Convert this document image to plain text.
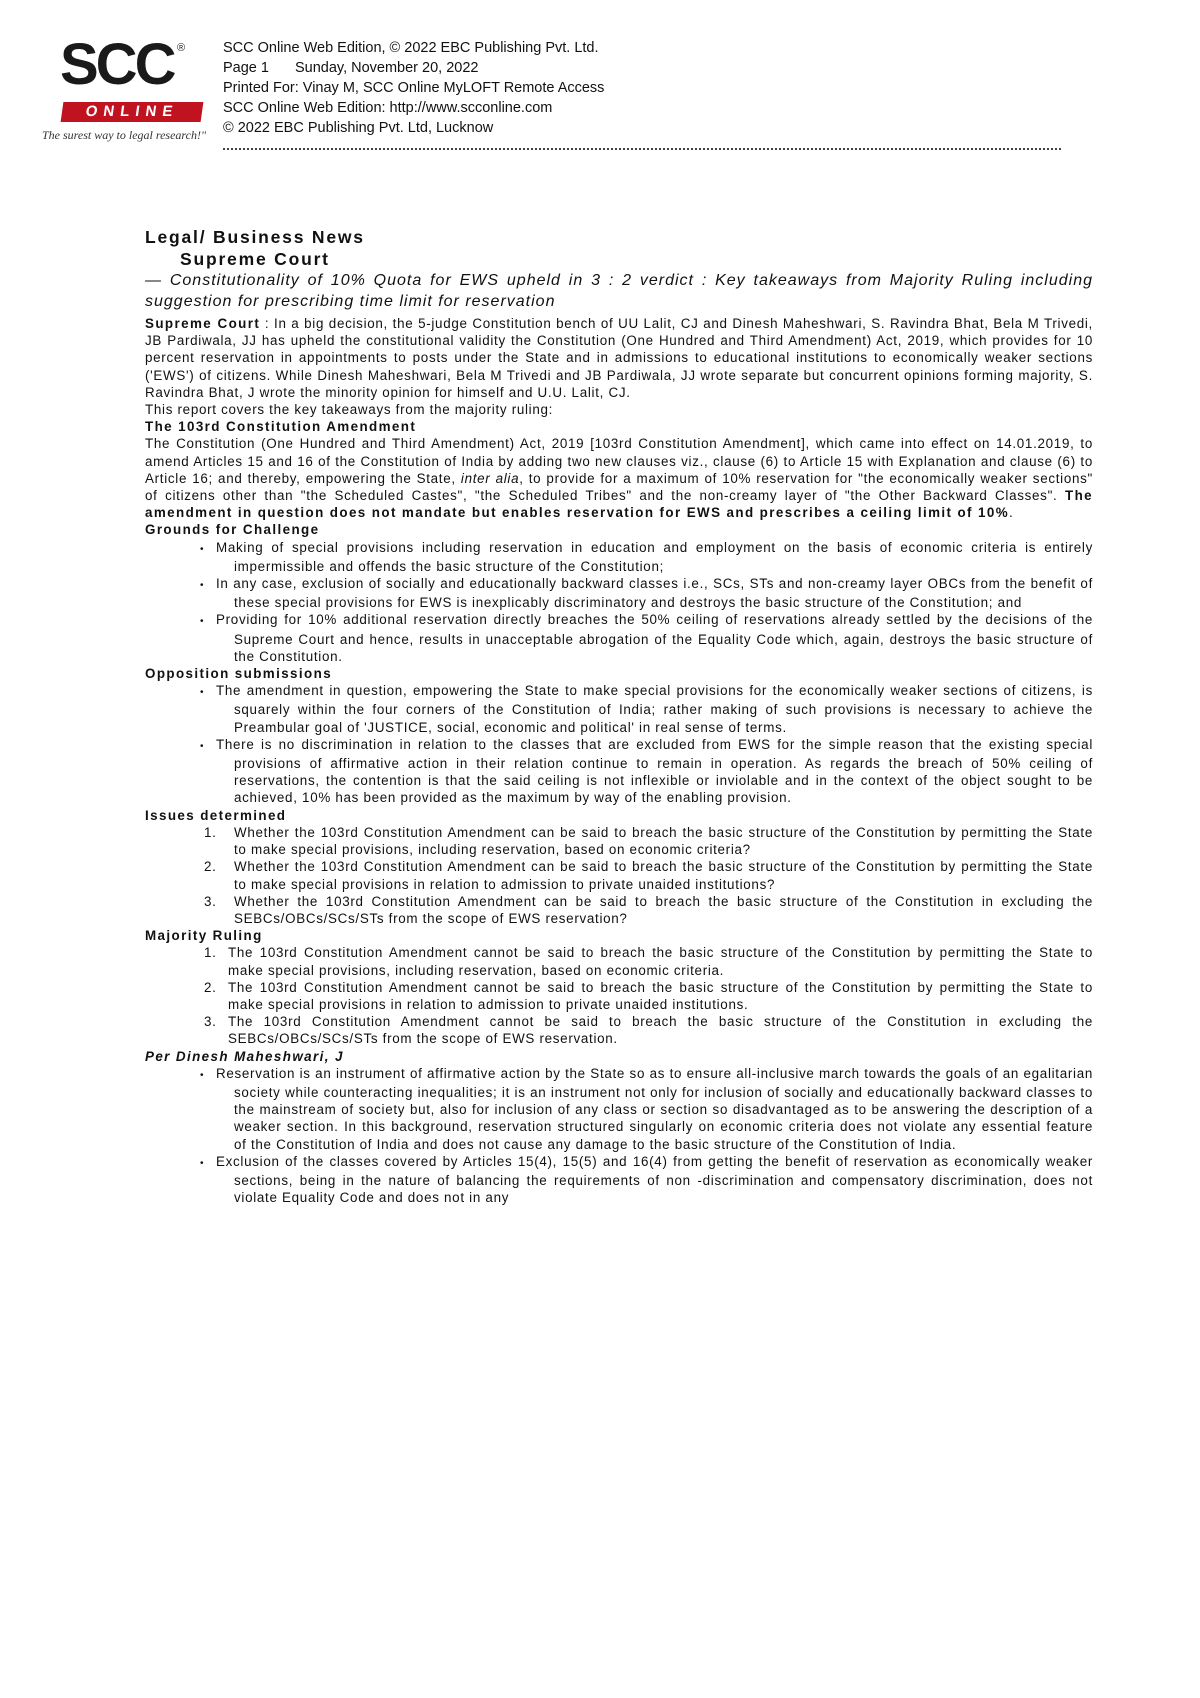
SCC ®
ONLINE
The surest way to legal research!"
SCC Online Web Edition, © 2022 EBC Publishing Pvt. Ltd.
Page 1 Sunday, November 20, 2022
Printed For: Vinay M, SCC Online MyLOFT Remote Access
SCC Online Web Edition: http://www.scconline.com
© 2022 EBC Publishing Pvt. Ltd, Lucknow

Legal/ Business News

Supreme Court

— Constitutionality of 10% Quota for EWS upheld in 3 : 2 verdict : Key takeaways from Majority Ruling including suggestion for prescribing time limit for reservation

Supreme Court : In a big decision, the 5-judge Constitution bench of UU Lalit, CJ and Dinesh Maheshwari, S. Ravindra Bhat, Bela M Trivedi, JB Pardiwala, JJ has upheld the constitutional validity the Constitution (One Hundred and Third Amendment) Act, 2019, which provides for 10 percent reservation in appointments to posts under the State and in admissions to educational institutions to economically weaker sections ('EWS') of citizens. While Dinesh Maheshwari, Bela M Trivedi and JB Pardiwala, JJ wrote separate but concurrent opinions forming majority, S. Ravindra Bhat, J wrote the minority opinion for himself and U.U. Lalit, CJ.

This report covers the key takeaways from the majority ruling:

The 103rd Constitution Amendment

The Constitution (One Hundred and Third Amendment) Act, 2019 [103rd Constitution Amendment], which came into effect on 14.01.2019, to amend Articles 15 and 16 of the Constitution of India by adding two new clauses viz., clause (6) to Article 15 with Explanation and clause (6) to Article 16; and thereby, empowering the State, inter alia, to provide for a maximum of 10% reservation for "the economically weaker sections" of citizens other than "the Scheduled Castes", "the Scheduled Tribes" and the non-creamy layer of "the Other Backward Classes". The amendment in question does not mandate but enables reservation for EWS and prescribes a ceiling limit of 10%.

Grounds for Challenge

• Making of special provisions including reservation in education and employment on the basis of economic criteria is entirely impermissible and offends the basic structure of the Constitution;
• In any case, exclusion of socially and educationally backward classes i.e., SCs, STs and non-creamy layer OBCs from the benefit of these special provisions for EWS is inexplicably discriminatory and destroys the basic structure of the Constitution; and
• Providing for 10% additional reservation directly breaches the 50% ceiling of reservations already settled by the decisions of the Supreme Court and hence, results in unacceptable abrogation of the Equality Code which, again, destroys the basic structure of the Constitution.

Opposition submissions

• The amendment in question, empowering the State to make special provisions for the economically weaker sections of citizens, is squarely within the four corners of the Constitution of India; rather making of such provisions is necessary to achieve the Preambular goal of 'JUSTICE, social, economic and political' in real sense of terms.
• There is no discrimination in relation to the classes that are excluded from EWS for the simple reason that the existing special provisions of affirmative action in their relation continue to remain in operation. As regards the breach of 50% ceiling of reservations, the contention is that the said ceiling is not inflexible or inviolable and in the context of the object sought to be achieved, 10% has been provided as the maximum by way of the enabling provision.

Issues determined

1. Whether the 103rd Constitution Amendment can be said to breach the basic structure of the Constitution by permitting the State to make special provisions, including reservation, based on economic criteria?
2. Whether the 103rd Constitution Amendment can be said to breach the basic structure of the Constitution by permitting the State to make special provisions in relation to admission to private unaided institutions?
3. Whether the 103rd Constitution Amendment can be said to breach the basic structure of the Constitution in excluding the SEBCs/OBCs/SCs/STs from the scope of EWS reservation?

Majority Ruling

1. The 103rd Constitution Amendment cannot be said to breach the basic structure of the Constitution by permitting the State to make special provisions, including reservation, based on economic criteria.
2. The 103rd Constitution Amendment cannot be said to breach the basic structure of the Constitution by permitting the State to make special provisions in relation to admission to private unaided institutions.
3. The 103rd Constitution Amendment cannot be said to breach the basic structure of the Constitution in excluding the SEBCs/OBCs/SCs/STs from the scope of EWS reservation.

Per Dinesh Maheshwari, J

• Reservation is an instrument of affirmative action by the State so as to ensure all-inclusive march towards the goals of an egalitarian society while counteracting inequalities; it is an instrument not only for inclusion of socially and educationally backward classes to the mainstream of society but, also for inclusion of any class or section so disadvantaged as to be answering the description of a weaker section. In this background, reservation structured singularly on economic criteria does not violate any essential feature of the Constitution of India and does not cause any damage to the basic structure of the Constitution of India.
• Exclusion of the classes covered by Articles 15(4), 15(5) and 16(4) from getting the benefit of reservation as economically weaker sections, being in the nature of balancing the requirements of non -discrimination and compensatory discrimination, does not violate Equality Code and does not in any
